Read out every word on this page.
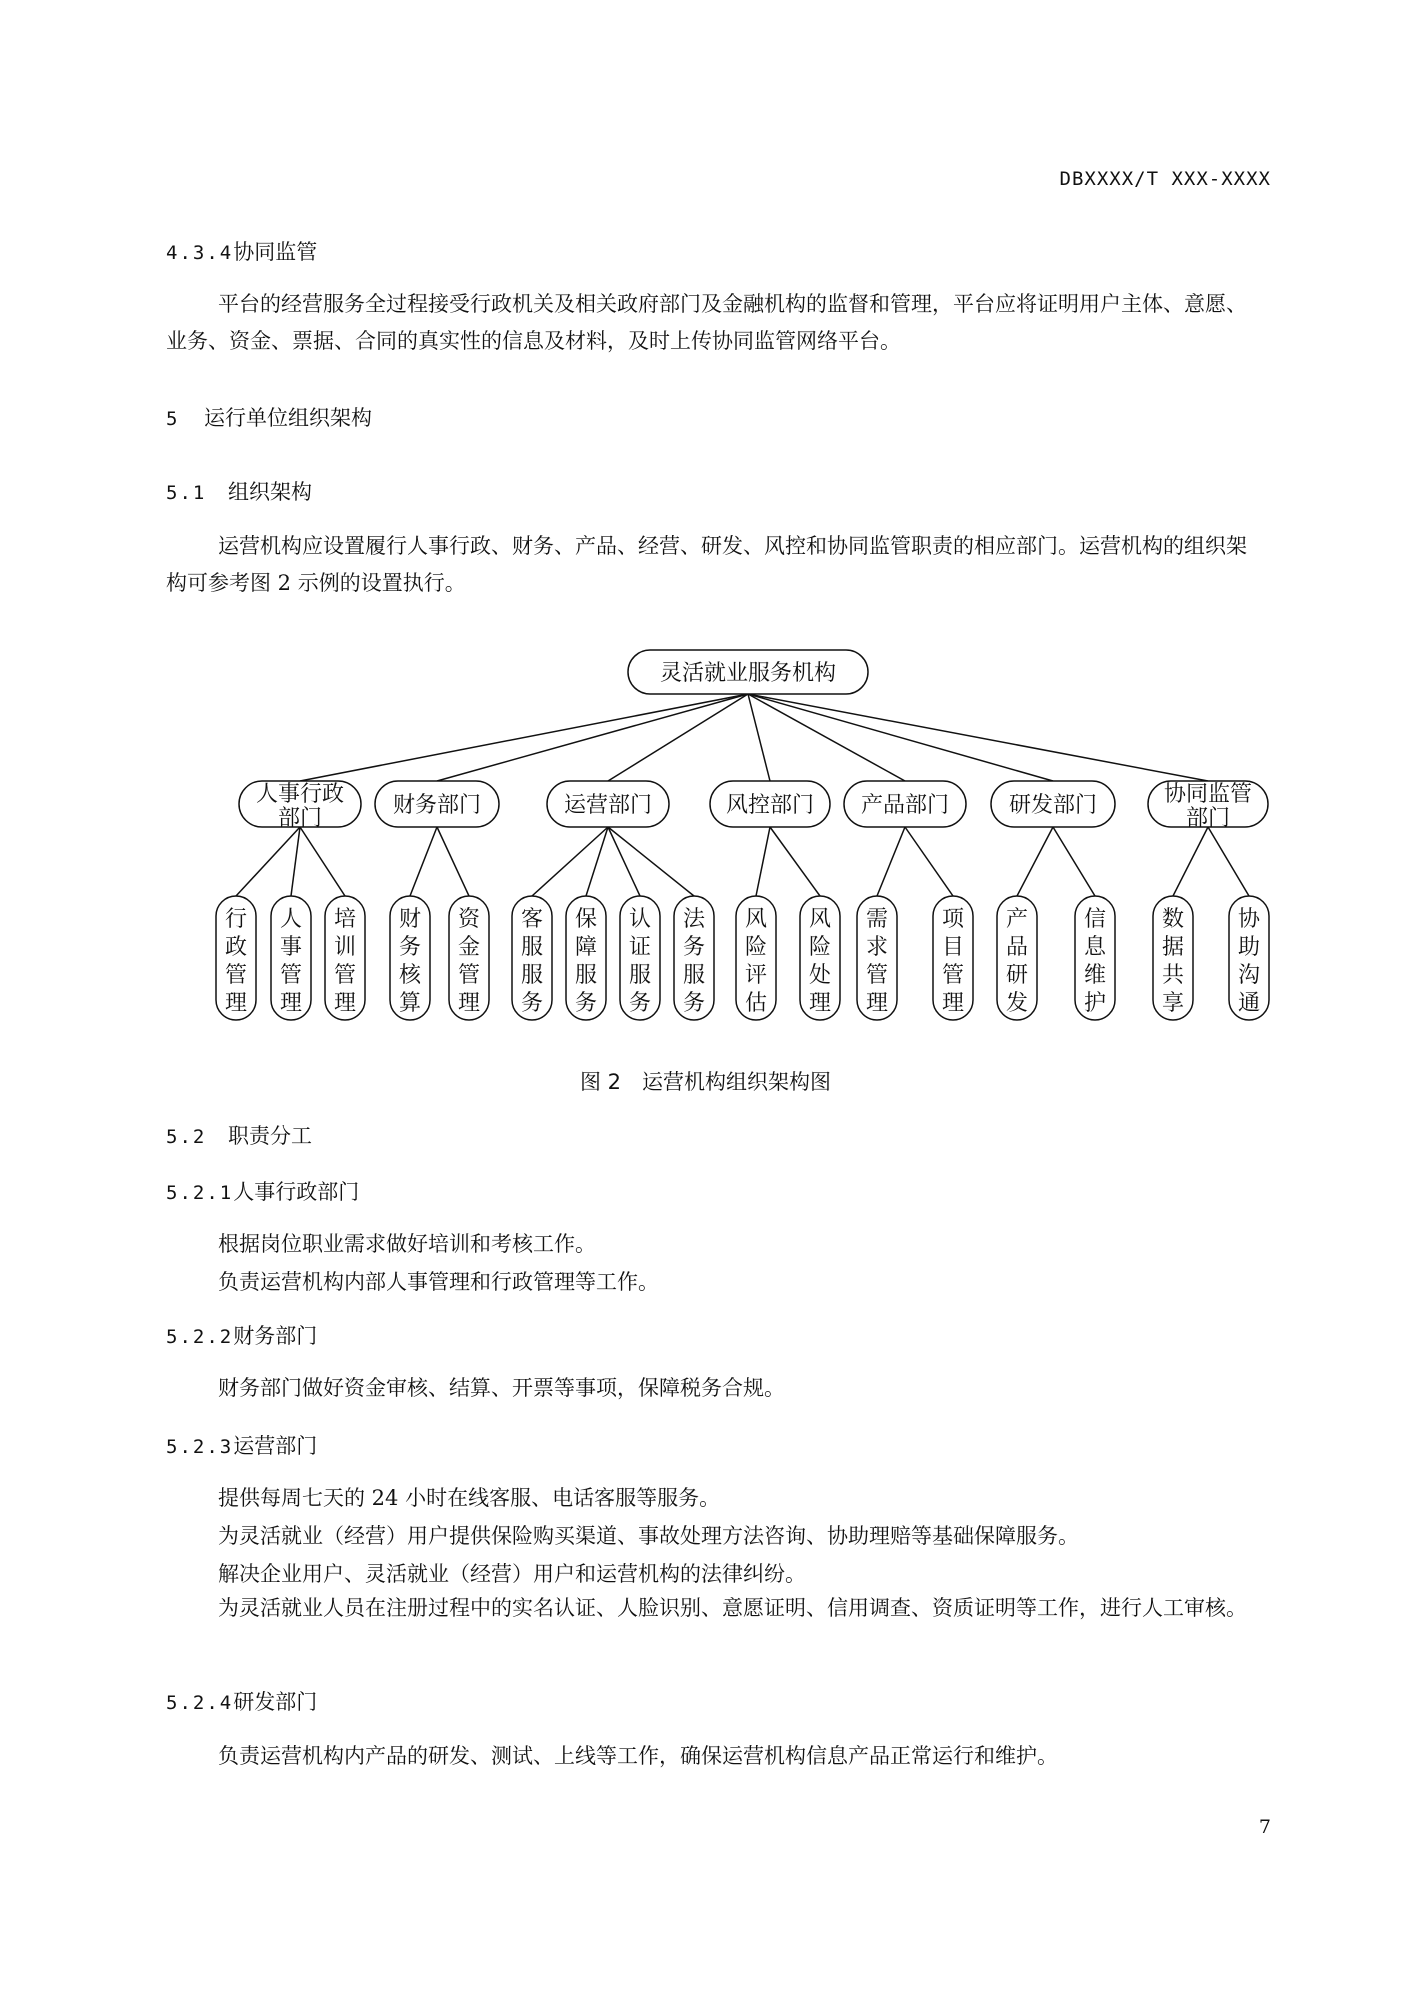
DBXXXX/T XXX-XXXX
4.3.4协同监管
平台的经营服务全过程接受行政机关及相关政府部门及金融机构的监督和管理，平台应将证明用户主体、意愿、业务、资金、票据、合同的真实性的信息及材料，及时上传协同监管网络平台。
5 运行单位组织架构
5.1 组织架构
运营机构应设置履行人事行政、财务、产品、经营、研发、风控和协同监管职责的相应部门。运营机构的组织架构可参考图 2 示例的设置执行。
灵活就业服务机构
人事行政
部门
行政管理
人事管理
培训管理
财务部门
财务核算
资金管理
运营部门
客服服务
保障服务
认证服务
法务服务
风控部门
风险评估
风险处理
产品部门
需求管理
项目管理
研发部门
产品研发
信息维护
协同监管
部门
数据共享
协助沟通
图 2　运营机构组织架构图
5.2 职责分工
5.2.1人事行政部门
根据岗位职业需求做好培训和考核工作。
负责运营机构内部人事管理和行政管理等工作。
5.2.2财务部门
财务部门做好资金审核、结算、开票等事项，保障税务合规。
5.2.3运营部门
提供每周七天的 24 小时在线客服、电话客服等服务。
为灵活就业（经营）用户提供保险购买渠道、事故处理方法咨询、协助理赔等基础保障服务。
解决企业用户、灵活就业（经营）用户和运营机构的法律纠纷。
为灵活就业人员在注册过程中的实名认证、人脸识别、意愿证明、信用调查、资质证明等工作，进行人工审核。
5.2.4研发部门
负责运营机构内产品的研发、测试、上线等工作，确保运营机构信息产品正常运行和维护。
7
